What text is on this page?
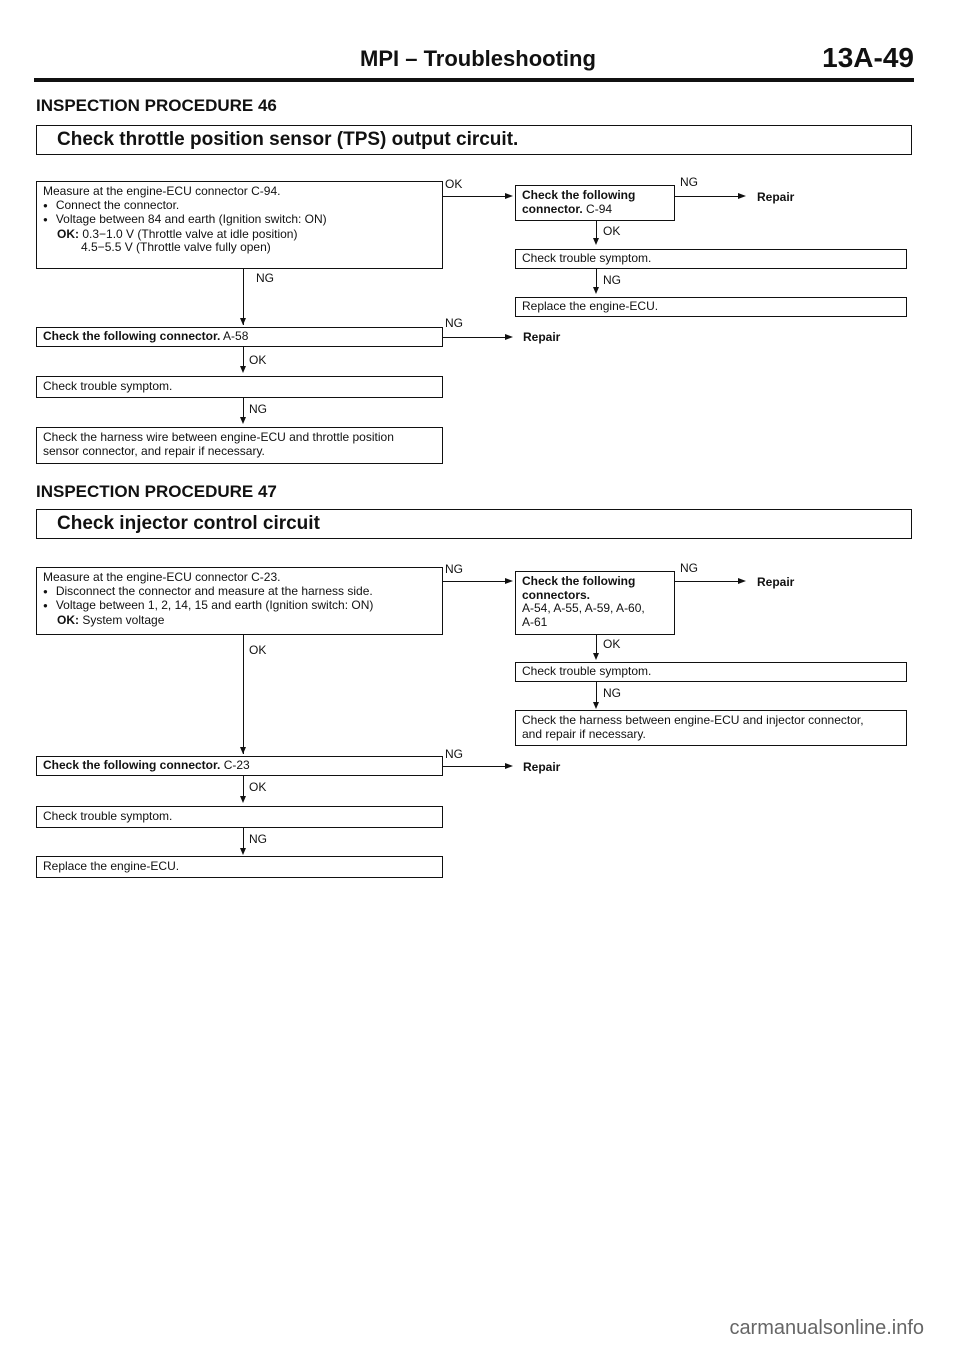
MPI – Troubleshooting	13A-49
INSPECTION PROCEDURE 46
Check throttle position sensor (TPS) output circuit.
Measure at the engine-ECU connector C-94.
● Connect the connector.
● Voltage between 84 and earth (Ignition switch: ON)
OK: 0.3−1.0 V (Throttle valve at idle position)
4.5−5.5 V (Throttle valve fully open)
OK
Check the following connector. C-94
NG
Repair
OK
Check trouble symptom.
NG
Replace the engine-ECU.
NG
Check the following connector. A-58
NG
Repair
OK
Check trouble symptom.
NG
Check the harness wire between engine-ECU and throttle position
sensor connector, and repair if necessary.
INSPECTION PROCEDURE 47
Check injector control circuit
Measure at the engine-ECU connector C-23.
● Disconnect the connector and measure at the harness side.
● Voltage between 1, 2, 14, 15 and earth (Ignition switch: ON)
OK: System voltage
NG
Check the following connectors.
A-54, A-55, A-59, A-60,
A-61
NG
Repair
OK
Check trouble symptom.
NG
Check the harness between engine-ECU and injector connector,
and repair if necessary.
OK
Check the following connector. C-23
NG
Repair
OK
Check trouble symptom.
NG
Replace the engine-ECU.
carmanualsonline.info
